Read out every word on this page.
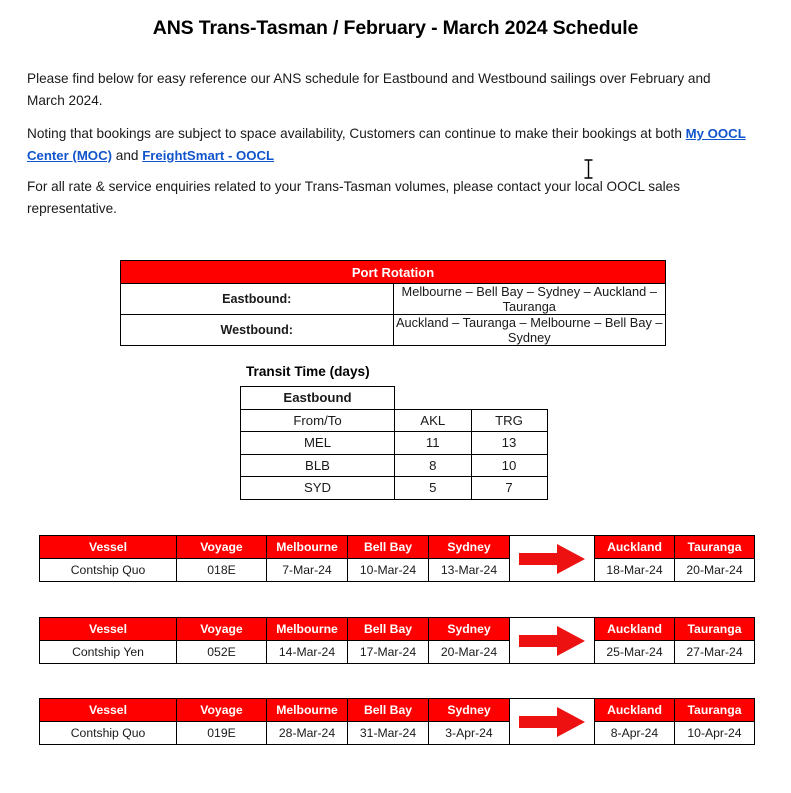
ANS Trans-Tasman / February - March 2024 Schedule
Please find below for easy reference our ANS schedule for Eastbound and Westbound sailings over February and March 2024.
Noting that bookings are subject to space availability, Customers can continue to make their bookings at both My OOCL Center (MOC) and FreightSmart - OOCL
For all rate & service enquiries related to your Trans-Tasman volumes, please contact your local OOCL sales representative.
Port Rotation	
Eastbound:	Melbourne – Bell Bay – Sydney – Auckland – Tauranga
Westbound:	Auckland – Tauranga – Melbourne – Bell Bay – Sydney
Transit Time (days)
Eastbound		
From/To	AKL	TRG
MEL	11	13
BLB	8	10
SYD	5	7
Vessel	Voyage	Melbourne	Bell Bay	Sydney		Auckland	Tauranga
Contship Quo	018E	7-Mar-24	10-Mar-24	13-Mar-24		18-Mar-24	20-Mar-24
Vessel	Voyage	Melbourne	Bell Bay	Sydney		Auckland	Tauranga
Contship Yen	052E	14-Mar-24	17-Mar-24	20-Mar-24		25-Mar-24	27-Mar-24
Vessel	Voyage	Melbourne	Bell Bay	Sydney		Auckland	Tauranga
Contship Quo	019E	28-Mar-24	31-Mar-24	3-Apr-24		8-Apr-24	10-Apr-24
